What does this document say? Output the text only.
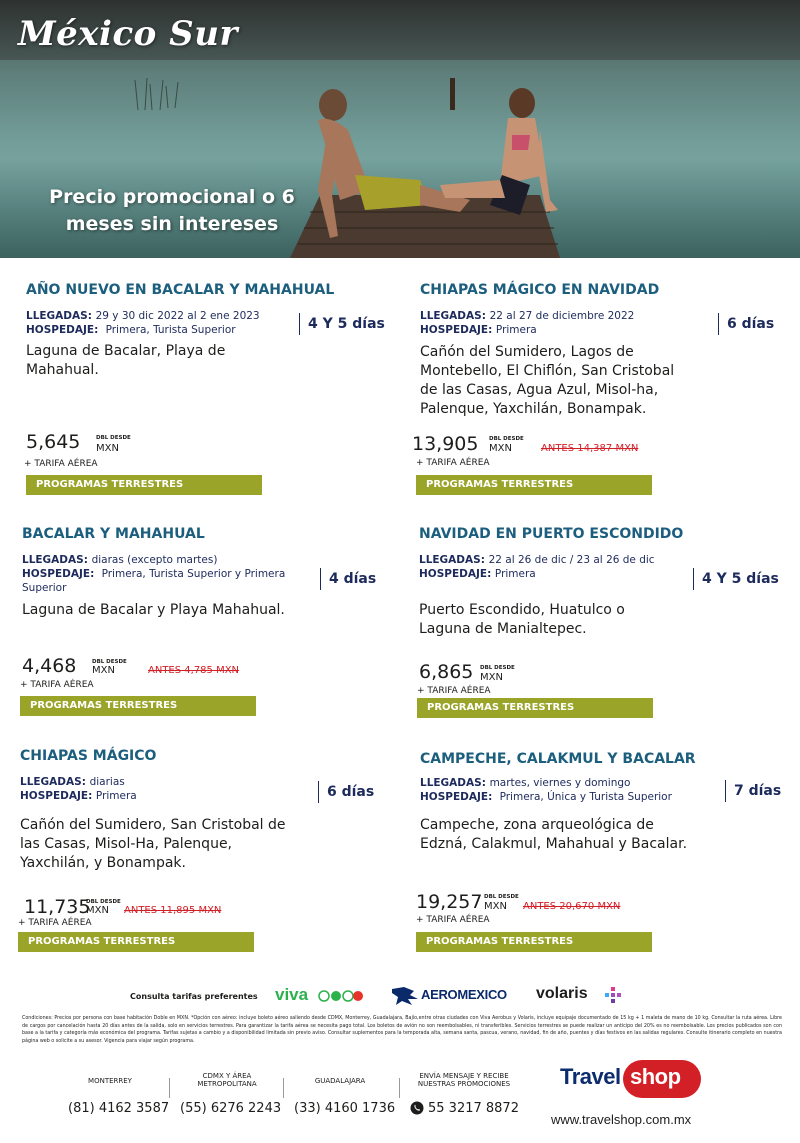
México Sur
Precio promocional o 6 meses sin intereses
AÑO NUEVO EN BACALAR Y MAHAHUAL
LLEGADAS: 29 y 30 dic 2022 al 2 ene 2023
HOSPEDAJE: Primera, Turista Superior	4 Y 5 días
Laguna de Bacalar, Playa de Mahahual.
5,645	DBL DESDE
MXN
+ TARIFA AÉREA
PROGRAMAS TERRESTRES
CHIAPAS MÁGICO EN NAVIDAD
LLEGADAS: 22 al 27 de diciembre 2022
HOSPEDAJE: Primera	6 días
Cañón del Sumidero, Lagos de Montebello, El Chiflón, San Cristobal de las Casas, Agua Azul, Misol-ha, Palenque, Yaxchilán, Bonampak.
13,905 DBL DESDE
MXN	ANTES 14,387 MXN
+ TARIFA AÉREA
PROGRAMAS TERRESTRES
BACALAR Y MAHAHUAL
LLEGADAS: diaras (excepto martes)
HOSPEDAJE: Primera, Turista Superior y Primera Superior
4 días
Laguna de Bacalar y Playa Mahahual.
4,468	DBL DESDE
MXN	ANTES 4,785 MXN
+ TARIFA AÉREA
PROGRAMAS TERRESTRES
NAVIDAD EN PUERTO ESCONDIDO
LLEGADAS: 22 al 26 de dic / 23 al 26 de dic
HOSPEDAJE: Primera	4 Y 5 días
Puerto Escondido, Huatulco o Laguna de Manialtepec.
6,865 DBL DESDE
MXN
+ TARIFA AÉREA
PROGRAMAS TERRESTRES
CHIAPAS MÁGICO
LLEGADAS: diarias
HOSPEDAJE: Primera	6 días
Cañón del Sumidero, San Cristobal de las Casas, Misol-Ha, Palenque, Yaxchilán, y Bonampak.
11,735
DBL DESDE
MXN ANTES 11,895 MXN
+ TARIFA AÉREA
PROGRAMAS TERRESTRES
CAMPECHE, CALAKMUL Y BACALAR
LLEGADAS: martes, viernes y domingo
HOSPEDAJE: Primera, Única y Turista Superior	7 días
Campeche, zona arqueológica de Edzná, Calakmul, Mahahual y Bacalar.
19,257 DBL DESDE
MXN ANTES 20,670 MXN
+ TARIFA AÉREA
PROGRAMAS TERRESTRES
Consulta tarifas preferentes viva	AEROMEXICO volaris
Condiciones: Precios por persona con base habitación Doble en MXN. *Opción con aéreo: incluye boleto aéreo saliendo desde CDMX, Monterrey, Guadalajara, Bajío,entre otras ciudades con Viva Aerobus y Volaris, incluye equipaje documentado de 15 kg + 1 maleta de mano de 10 kg. Consultar la ruta aérea. Libre de cargos por cancelación hasta 20 días antes de la salida, solo en servicios terrestres. Para garantizar la tarifa aérea se necesita pago total. Los boletos de avión no son reembolsables, ni transferibles. Servicios terrestres se puede realizar un anticipo del 20% es no reembolsable. Los precios publicados son con base a la tarifa y categoría más económica del programa. Tarifas sujetas a cambio y a disponibilidad limitada sin previo aviso. Consultar suplementos para la temporada alta, semana santa, pascua, verano, navidad, fin de año, puentes y días festivos en las salidas regulares. Consulte itinerario completo en nuestra página web o solicite a su asesor. Vigencia para viajar según programa.
MONTERREY
(81) 4162 3587
CDMX Y ÁREA METROPOLITANA
(55) 6276 2243
GUADALAJARA
(33) 4160 1736
ENVÍA MENSAJE Y RECIBE NUESTRAS PROMOCIONES
55 3217 8872
Travel shop
www.travelshop.com.mx
